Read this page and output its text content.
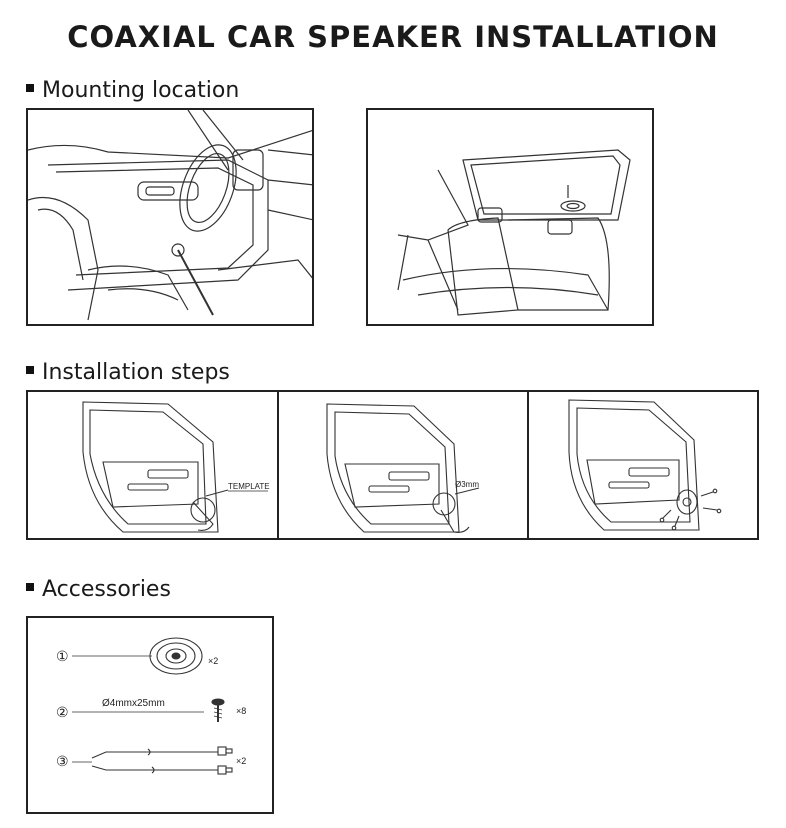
COAXIAL CAR SPEAKER INSTALLATION
Mounting location
Installation steps
TEMPLATE	Ø3mm
Accessories
①
②
③
Ø4mmx25mm
×2
×8
×2
